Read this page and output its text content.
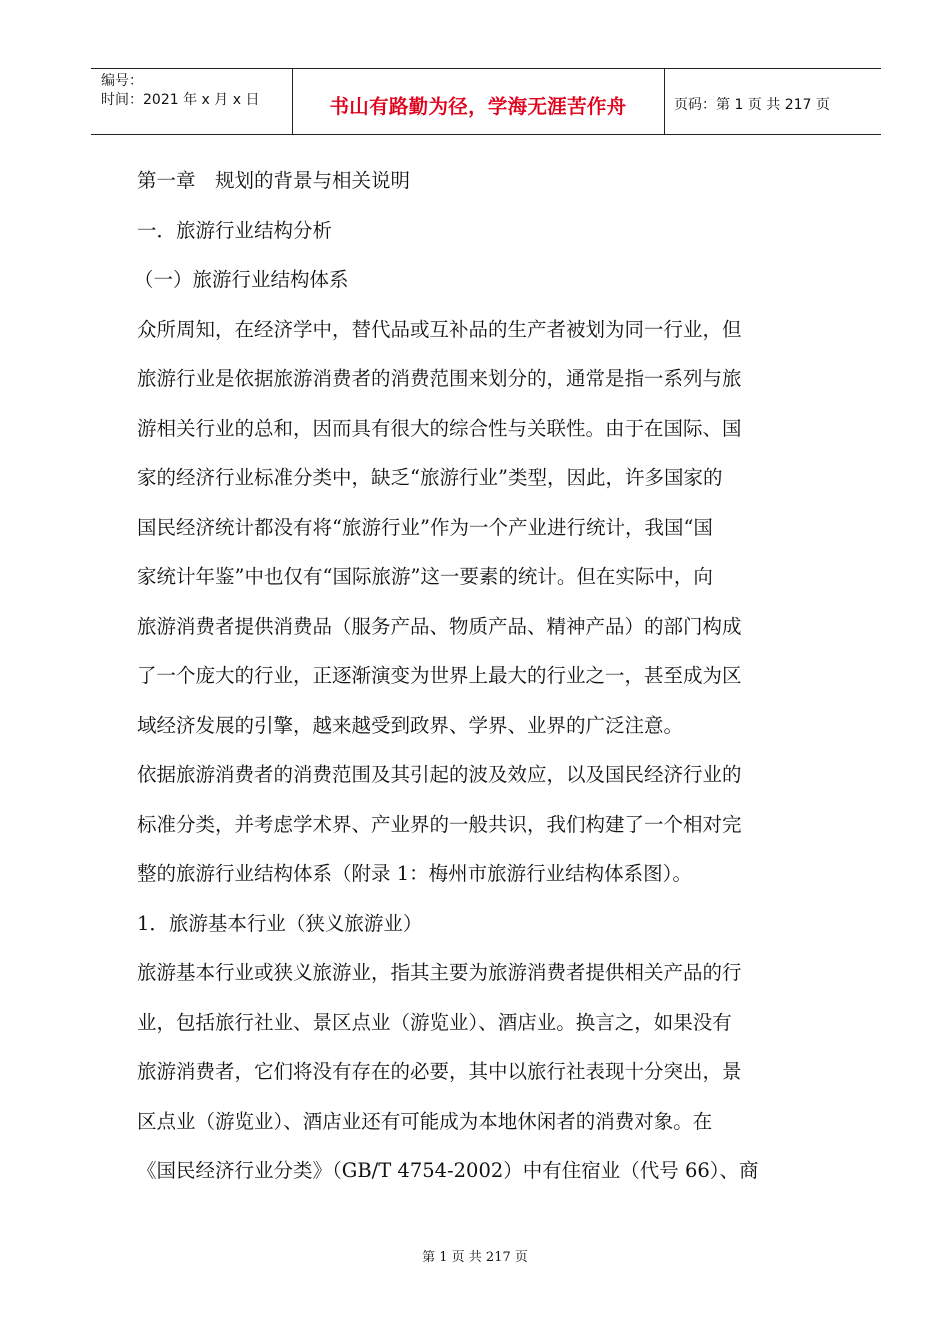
编号：
时间：2021 年 x 月 x 日	书山有路勤为径，学海无涯苦作舟	页码：第 1 页 共 217 页
第一章　规划的背景与相关说明
一．旅游行业结构分析
（一）旅游行业结构体系
众所周知，在经济学中，替代品或互补品的生产者被划为同一行业，但
旅游行业是依据旅游消费者的消费范围来划分的，通常是指一系列与旅
游相关行业的总和，因而具有很大的综合性与关联性。由于在国际、国
家的经济行业标准分类中，缺乏“旅游行业”类型，因此，许多国家的
国民经济统计都没有将“旅游行业”作为一个产业进行统计，我国“国
家统计年鉴”中也仅有“国际旅游”这一要素的统计。但在实际中，向
旅游消费者提供消费品（服务产品、物质产品、精神产品）的部门构成
了一个庞大的行业，正逐渐演变为世界上最大的行业之一，甚至成为区
域经济发展的引擎，越来越受到政界、学界、业界的广泛注意。
依据旅游消费者的消费范围及其引起的波及效应，以及国民经济行业的
标准分类，并考虑学术界、产业界的一般共识，我们构建了一个相对完
整的旅游行业结构体系（附录 1：梅州市旅游行业结构体系图）。
1．旅游基本行业（狭义旅游业）
旅游基本行业或狭义旅游业，指其主要为旅游消费者提供相关产品的行
业，包括旅行社业、景区点业（游览业）、酒店业。换言之，如果没有
旅游消费者，它们将没有存在的必要，其中以旅行社表现十分突出，景
区点业（游览业）、酒店业还有可能成为本地休闲者的消费对象。在
《国民经济行业分类》（GB/T 4754-2002）中有住宿业（代号 66）、商
第 1 页 共 217 页
